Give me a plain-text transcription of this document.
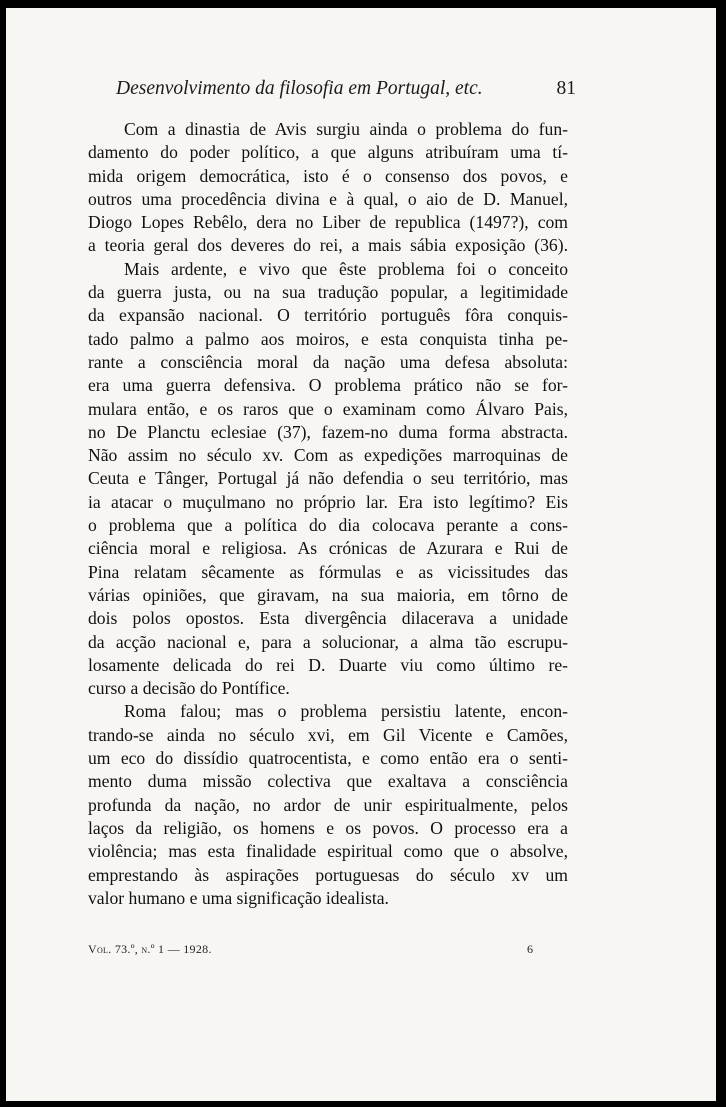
Desenvolvimento da filosofia em Portugal, etc.	81
Com a dinastia de Avis surgiu ainda o problema do fun-
damento do poder político, a que alguns atribuíram uma tí-
mida origem democrática, isto é o consenso dos povos, e
outros uma procedência divina e à qual, o aio de D. Manuel,
Diogo Lopes Rebêlo, dera no Liber de republica (1497?), com
a teoria geral dos deveres do rei, a mais sábia exposição (36).
Mais ardente, e vivo que êste problema foi o conceito
da guerra justa, ou na sua tradução popular, a legitimidade
da expansão nacional. O território português fôra conquis-
tado palmo a palmo aos moiros, e esta conquista tinha pe-
rante a consciência moral da nação uma defesa absoluta:
era uma guerra defensiva. O problema prático não se for-
mulara então, e os raros que o examinam como Álvaro Pais,
no De Planctu eclesiae (37), fazem-no duma forma abstracta.
Não assim no século xv. Com as expedições marroquinas de
Ceuta e Tânger, Portugal já não defendia o seu território, mas
ia atacar o muçulmano no próprio lar. Era isto legítimo? Eis
o problema que a política do dia colocava perante a cons-
ciência moral e religiosa. As crónicas de Azurara e Rui de
Pina relatam sêcamente as fórmulas e as vicissitudes das
várias opiniões, que giravam, na sua maioria, em tôrno de
dois polos opostos. Esta divergência dilacerava a unidade
da acção nacional e, para a solucionar, a alma tão escrupu-
losamente delicada do rei D. Duarte viu como último re-
curso a decisão do Pontífice.
Roma falou; mas o problema persistiu latente, encon-
trando-se ainda no século xvi, em Gil Vicente e Camões,
um eco do dissídio quatrocentista, e como então era o senti-
mento duma missão colectiva que exaltava a consciência
profunda da nação, no ardor de unir espiritualmente, pelos
laços da religião, os homens e os povos. O processo era a
violência; mas esta finalidade espiritual como que o absolve,
emprestando às aspirações portuguesas do século xv um
valor humano e uma significação idealista.
Vol. 73.º, n.º 1 — 1928.	6
